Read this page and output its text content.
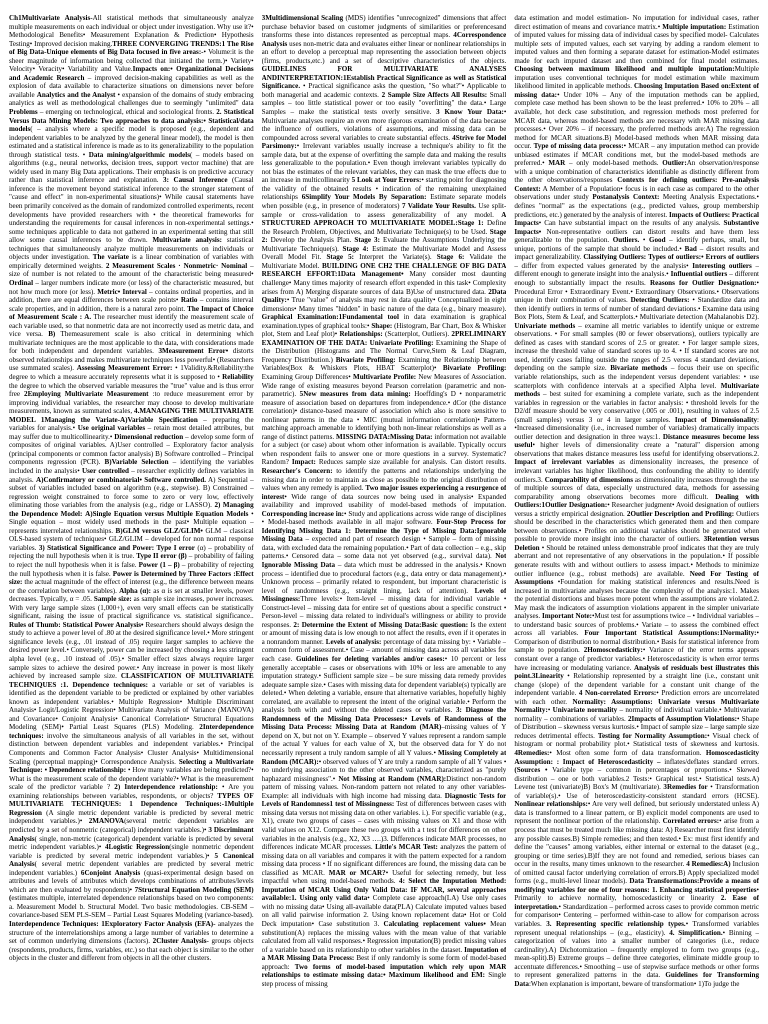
Ch1Multivariate Analysis-All statistical methods that simultaneously analyze multiple measurements on each individual or object under investigation. Why use it?• Methodological Benefits• Measurement Explanation & Prediction• Hypothesis Testing• Improved decision making.

THREE CONVERGING TRENDS:1 The Rise of Big Data-Unique elements of Big Data focused in five areas:-• Volume:it is the sheer magnitude of information being collected that initiated the term.)• Variety• Velocity• Veracity• Variability and Value.

Impacts on:• Organizational Decisions and Academic Research – improved decision-making capabilities as well as the explosion of data available to characterize situations on dimensions never before available

Analytics and the Analyst • expansion of the domains of study embracing analytics as well as methodological challenges due to seemingly "unlimited" data

Problems – emerging on technological, ethical and sociological fronts.

2. Statistical Versus Data Mining Models: Two approaches to data analysis:• Statistical/data models( – analysis where a specific model is proposed (e.g., dependent and independent variables to be analyzed by the general linear model), the model is then estimated and a statistical inference is made as to its generalizability to the population through statistical tests. •

Data mining/algorithmic models( – models based on algorithms (e.g., neural networks, decision trees, support vector machine) that are widely used in many Big Data applications. Their emphasis is on predictive accuracy rather than statistical inference and explanation.

3: Causal Inference (Causal inference is the movement beyond statistical inference to the stronger statement of "cause and effect" in non-experimental situations)• While causal statements have been primarily conceived as the domain of randomized controlled experiments, recent developments have provided researchers with • the theoretical frameworks for understanding the requirements for causal inferences in non-experimental settings.• some techniques applicable to data not gathered in an experimental setting that still allow some causal inferences to be drawn.

Multivariate analysis: statistical techniques that simultaneously analyze multiple measurements on individuals or objects under investigation.

The variate is a linear combination of variables with empirically determined weights.

2 Measurement Scales · Nonmetric· Nominal – size of number is not related to the amount of the characteristic being measured•

Ordinal – larger numbers indicate more (or less) of the characteristic measured, but not how much more (or less).

Metric• Interval – contains ordinal properties, and in addition, there are equal differences between scale points•

Ratio – contains interval scale properties, and in addition, there is a natural zero point.

The Impact of Choice of Measurement Scale : A. The researcher must identify the measurement scale of each variable used, so that nonmetric data are not incorrectly used as metric data, and vice versa.

B) Themeasurement scale is also critical in determining which multivariate techniques are the most applicable to the data, with considerations made for both independent and dependent variables.

3Measurement Error• distorts observed relationships and makes multivariate techniques less powerful• (Researchers use summated scales).

Assessing Measurement Error: • 1Validity.&Reliability:the degree to which a measure accurately represents what it is supposed to •

Reliability the degree to which the observed variable measures the "true" value and is thus error free

2Employing Multivariate Measurement :to reduce measurement error by improving individual variables, the researcher may choose to develop multivariate measurements, known as summated scales,

4.MANAGING THE MULTIVARIATE MODEL 1Managing the Variate-A)Variable Specification – preparing the variables for analysis.•

Use original variables – retain most detailed attributes, but may suffer due to multicollinearity.•

Dimensional reduction – develop some form of composites of original variables. A)User controlled – Exploratory factor analysis (principal components or common factor analysis) B) Software controlled – Principal components regression (PCR).

B)Variable Selection – identifying the variables included in the analysis•

User controlled – researcher explicitly defines variables in analysis.

A)Confirmatory or combinatorial• Software controlled. A) Sequential – subset of variables included based on algorithm (e.g., stepwise). B) Constrained – regression weight constrained to force some to zero or very low, effectively eliminating those variables from the analysis (e.g., ridge or LASSO).

2) Managing the Dependence Model: A)Single Equation versus Multiple Equation Models • Single equation – most widely used methods in the past• Multiple equation – represents interrelated relationships.

B)GLM versus GLZ/GLIM• GLM – classical OLS-based system of techniques• GLZ/GLIM – developed for non normal response variables.

3) Statistical Significance and Power: Type I error (α) – probability of rejecting the null hypothesis when it is true.

Type II error (β) – probability of failing to reject the null hypothesis when it is false.

Power (1 – β) – probability of rejecting the null hypothesis when it is false.

Power is Determined by Three Factors :Effect size: the actual magnitude of the effect of interest (e.g., the difference between means or the correlation between variables).

Alpha (α): as α is set at smaller levels, power decreases. Typically, α = .05.

Sample size: as sample size increases, power increases. With very large sample sizes (1,000+), even very small effects can be statistically significant, raising the issue of practical significance vs. statistical significance..

Rules of Thumb: Statistical Power Analysis• Researchers should always design the study to achieve a power level of .80 at the desired significance level.• More stringent significance levels (e.g., .01 instead of .05) require larger samples to achieve the desired power level.• Conversely, power can be increased by choosing a less stringent alpha level (e.g., .10 instead of .05).• Smaller effect sizes always require larger sample sizes to achieve the desired power.• Any increase in power is most likely achieved by increased sample size.

CLASSIFICATION OF MULTIVARIATE TECHNIQUES :1. Dependence techniques: a variable or set of variables is identified as the dependent variable to be predicted or explained by other variables known as independent variables.• Multiple Regression• Multiple Discriminant Analysis• Logit/Logistic Regression• Multivariate Analysis of Variance (MANOVA) and Covariance• Conjoint Analysis• Canonical Correlation• Structural Equations Modeling (SEM)• Partial Least Squares (PLS) Modeling.

2Interdependence techniques: involve the simultaneous analysis of all variables in the set, without distinction between dependent variables and independent variables.• Principal Components and Common Factor Analysis• Cluster Analysis• Multidimensional Scaling (perceptual mapping)• Correspondence Analysis.

Selecting a Multivariate Technique: • Dependence relationship: • How many variables are being predicted?• What is the measurement scale of the dependent variable?• What is the measurement scale of the predictor variable ?

2) Interdependence relationship: • Are you examining relationships between variables, respondents, or objects?

TYPES OF MULTIVARIATE TECHNIQUES: 1 Dependence Techniques:-1Multiple Regression (A single metric dependent variable is predicted by several metric independent variables.)•

2MANOVA(several metric dependent variables are predicted by a set of nonmetric (categorical) independent variables.)•

3 Discriminant Analysis( single, non-metric (categorical) dependent variable is predicted by several metric independent variables.)•

4Logistic Regression(single nonmetric dependent variable is predicted by several metric independent variables.)•

5 Canonical Analysis( several metric dependent variables are predicted by several metric independent variables.)

6Conjoint Analysis (quasi-experimental design based on attributes and levels of attributes which develops combinations of attributes/levels which are then evaluated by respondents)•

7Structural Equation Modeling (SEM)(estimates multiple, interrelated dependence relationships based on two components: a. Measurement Model b. Structural Model. Two basic methodologies. CB-SEM – covariance-based SEM PLS-SEM – Partial Least Squares Modeling (variance-based).

Interdependence Techniques: 1Exploratory Factor Analysis (EFA)- analyzes the structure of the interrelationships among a large number of variables to determine a set of common underlying dimensions (factors).

2Cluster Analysis- groups objects (respondents, products, firms, variables, etc.) so that each object is similar to the other objects in the cluster and different from objects in all the other clusters.

3Multidimensional Scaling (MDS) identifies "unrecognized" dimensions that affect purchase behavior based on customer judgments of similarities or preferencesand transforms these into distances represented as perceptual maps.

4Correspondence Analysis uses non-metric data and evaluates either linear or nonlinear relationships in an effort to develop a perceptual map representing the association between objects (firms, products,etc.) and a set of descriptive characteristics of the objects.

GUIDELINES FOR MULTIVARIATE ANALYSES ANDINTERPRETATION:1Establish Practical Significance as well as Statistical Significance. • Practical significance asks the question, "So what?"• Applicable to both managerial and academic contexts.

2 Sample Size Affects All Results: Small samples – too little statistical power or too easily "overfitting" the data.• Large Samples – make the statistical tests overly sensitive.

3 Know Your Data:• Multivariate analyses require an even more rigorous examination of the data because the influence of outliers, violations of assumptions, and missing data can be compounded across several variables to create substantial effects.

4Strive for Model Parsimony:• Irrelevant variables usually increase a technique's ability to fit the sample data, but at the expense of overfitting the sample data and making the results less generalizable to the population.• Even though irrelevant variables typically do not bias the estimates of the relevant variables, they can mask the true effects due to an increase in multicollinearity

5 Look at Your Errors:• starting point for diagnosing the validity of the obtained results • indication of the remaining unexplained relationships

6Simplify Your Models By Separation: Estimate separate models when possible (e.g., in presence of moderators)

7 Validate Your Results. Use split-sample or cross-validation to assess generalizability of any model.

A STRUCTURED APPROACH TO MULTIVARIATE MODEL:Stage 1: Define the Research Problem, Objectives, and Multivariate Technique(s) to be Used.

Stage 2: Develop the Analysis Plan.

Stage 3: Evaluate the Assumptions Underlying the Multivariate Technique(s).

Stage 4: Estimate the Multivariate Model and Assess Overall Model Fit.

Stage 5: Interpret the Variate(s).

Stage 6: Validate the Multivariate Model.

BUILDING ONE CH2 THE CHALLENGE OF BIG DATA RESEARCH EFFORT:1Data Management• Many consider most daunting challenge• Many times majority of research effort expended in this task• Complexity arises from A) Merging disparate sources of data B)Use of unstructured data.

2Data Quality:• True "value" of analysis may rest in data quality• Conceptualized in eight dimensions• Many times "hidden" in basic nature of the data (e.g., binary measure).

Graphical Examination:1Fundamental tool in data examination is graphical examination.types of graphical tools:•

Shape: (Histogram, Bar Chart, Box & Whisker plot, Stem and Leaf plot)•

Relationships: (Scatterplot, Outliers).

2PRELIMINARY EXAMINATION OF THE DATA: Univariate Profiling: Examining the Shape of the Distribution (Histograms and The Normal Curve,Stem & Leaf Diagram, Frequency Distribution.)

Bivariate Profiling: Examining the Relationship between Variables(Box & Whiskers Plots, HBAT Scatterplot)•

Bivariate Profiling: Examining Group Differences•

Multivariate Profile: New Measures of Association. Wide range of existing measures beyond Pearson correlation (parametric and non-parametric).

5New measures from data mining: Hoeffding's D • nonparametric measure of association based on departures from independence.• dCor (the distance correlation)• distance-based measure of association which also is more sensitive to nonlinear patterns in the data • MIC (mutual information correlation)• Pattern-matching approach amenable to identifying both non-linear relationships as well as a range of distinct patterns.

MISSING DATA:Missing Data: information not available for a subject (or case) about whom other information is available. Typically occurs when respondent fails to answer one or more questions in a survey. Systematic? Random?

Impact: Reduces sample size available for analysis. Can distort results.

Researcher's Concern: to identify the patterns and relationships underlying the missing data in order to maintain as close as possible to the original distribution of values when any remedy is applied.

Two major issues experiencing a resurgence of interest• Wide range of data sources now being used in analysis• Expanded availability and improved usability of model-based methods of imputation.

Corresponding increase in:• Study and applications across wide range of disciplines • Model-based methods available in all major software.

Four-Step Process for Identifying Missing Data 1: Determine the Type of Missing Data:Ignorable Missing Data – expected and part of research design • Sample – form of missing data, with excluded data the remaining population.• Part of data collection – e.g., skip patterns.• Censored data – some data not yet observed (e.g., survival data).

Not Ignorable Missing Data – data which must be addressed in the analysis.• Known process – identified due to procedural factors (e.g., data entry or data management).• Unknown process – primarily related to respondent, but important characteristic is level of randomness (e.g., straight lining, lack of attention).

Levels of Missingness:Three levels:• Item-level – missing data for individual variable • Construct-level – missing data for entire set of questions about a specific construct • Person-level – missing data related to individual's willingness or ability to provide responses.

2: Determine the Extent of Missing Data:Basic question: Is the extent or amount of missing data is low enough to not affect the results, even if it operates in a nonrandom manner.

Levels of analysis: percentage of data missing by: • Variable – common form of assessment.• Case – amount of missing data across all variables for each case.

Guidelines for deleting variables and/or cases:• 10 percent or less generally acceptable – cases or observations with 10% or less are amenable to any imputation strategy.• Sufficient sample size – be sure missing data remedy provides adequate sample size.• Cases with missing data for dependent variable(s) typically are deleted.• When deleting a variable, ensure that alternative variables, hopefully highly correlated, are available to represent the intent of the original variable.• Perform the analysis both with and without the deleted cases or variables.

3: Diagnose the Randomness of the Missing Data Processes:• Levels of Randomness of the Missing Data Process: Missing Data at Random (MAR)–missing values of Y depend on X, but not on Y. Example – observed Y values represent a random sample of the actual Y values for each value of X, but the observed data for Y do not necessarily represent a truly random sample of all Y values.•

Missing Completely at Random (MCAR):• observed values of Y are truly a random sample of all Y values • no underlying association to the other observed variables, characterized as "purely haphazard missingness".•

Not Missing at Random (NMAR):Distinct non-random pattern of missing values. Non-random pattern not related to any other variables-Example: all individuals with high income had missing data.

Diagnostic Tests for Levels of Randomness1 test of Missingness: Test of differences between cases with missing data versus not missing data on other variables. i.). For specific variable (e.g., X1), create two groups of cases – cases with missing values on X1 and those with valid values on X12. Compare these two groups with a t test for differences on other variables in the analysis (e.g., X2, X3 ….)3. Differences indicate MAR processes, no differences indicate MCAR processes.

Little's MCAR Test: analyzes the pattern of missing data on all variables and compares it with the pattern expected for a random missing data process • If no significant differences are found, the missing data can be classified as MCAR.

MAR or MCAR?• Useful for selecting remedy, but less impactful when using model-based methods.

4: Select the Imputation Method: Imputation of MCAR Using Only Valid Data: IF MCAR, several approaches available:1. Using only valid data• Complete case approach(LA) Use only cases with no missing data• Using all-available data(PLA) Calculate imputed values based on all valid pairwise information 2. Using known replacement data• Hot or Cold Deck imputation• Case substitution 3.

Calculating replacement values• Mean substitution(A) replaces the missing values with the mean value of that variable calculated from all valid responses.• Regression imputation(B) predict missing values of a variable based on its relationship to other variables in the dataset.

Imputation of a MAR Missing Data Process: Best if only randomly is some form of model-based approach:

Two forms of model-based imputation which rely upon MAR relationships to estimate missing data:• Maximum likelihood and EM: Single step process of missing

data estimation and model estimation- No imputation for individual cases, rather direct estimation of means and covariance matrix.•

Multiple imputation: Estimation of imputed values for missing data of individual cases by specified model- Calculates multiple sets of imputed values, each set varying by adding a random element to imputed values and then forming a separate dataset for estimation-Model estimates made for each imputed dataset and then combined for final model estimates.

Choosing between maximum likelihood and multiple imputation:Multiple imputation uses conventional techniques for model estimation while maximum likelihood limited in applicable methods.

Choosing Imputation Based on:Extent of missing data:• Under 10% – Any of the imputation methods can be applied, complete case method has been shown to be the least preferred.• 10% to 20% – all available, hot deck case substitution, and regression methods most preferred for MCAR data, whereas model-based methods are necessary with MAR missing data processes.• Over 20% – if necessary, the preferred methods are:A) The regression method for MCAR situations.B) Model-based methods when MAR missing data occur.

Type of missing data process:• MCAR – any imputation method can provide unbiased estimates if MCAR conditions met, but the model-based methods are preferred.•

MAR – only model-based methods.

Outlier:An observation/response with a unique combination of characteristics identifiable as distinctly different from the other observations/responses

Contexts for defining outliers: Pre-analysis Context: A Member of a Population• focus is in each case as compared to the other observations under study

Postanalysis Context: Meeting Analysis Expectations.• defines "normal" as the expectations (e.g., predicted values, group membership predictions, etc.) generated by the analysis of interest.

Impacts of Outliers: Practical Impacts• Can have substantial impact on the results of any analysis.

Substantive Impacts• Non-representative outliers can distort results and have them less generalizable to the population.

Outliers. •

Good – identify perhaps, small, but unique, portions of the sample that should be included.•

Bad – distort results and impact generalizability.

Classifying Outliers: Types of outliers:• Errors of outliers – differ from expected values generated by the analysis•

Interesting outliers – different enough to generate insight into the analysis.•

Influential outliers – different enough to substantially impact the results.

Reasons for Outlier Designation:• Procedural Error • Extraordinary Event.• Extraordinary Observations.• Observations unique in their combination of values.

Detecting Outliers: • Standardize data and then identify outliers in terms of number of standard deviations.• Examine data using Box Plots, Stem & Leaf, and Scatterplots.• Multivariate detection (Mahalanobis D2).

Univariate methods – examine all metric variables to identify unique or extreme observations. • For small samples (80 or fewer observations), outliers typically are defined as cases with standard scores of 2.5 or greater. • For larger sample sizes, increase the threshold value of standard scores up to 4. • If standard scores are not used, identify cases falling outside the ranges of 2.5 versus 4 standard deviations, depending on the sample size.

Bivariate methods – focus their use on specific variable relationships, such as the independent versus dependent variables: • use scatterplots with confidence intervals at a specified Alpha level.

Multivariate methods – best suited for examining a complete variate, such as the independent variables in regression or the variables in factor analysis: • threshold levels for the D2/df measure should be very conservative (.005 or .001), resulting in values of 2.5 (small samples) versus 3 or 4 in larger samples.

Impact of Dimensionality: •Increased dimensionality (i.e., increased number of variables) dramatically impacts outlier detection and designation in three ways:1.

Distance measures become less useful• higher levels of dimensionality create a "natural" dispersion among observations that makes distance measures less useful for identifying observations.2.

Impact of irrelevant variables as dimensionality increases, the presence of irrelevant variables has higher likelihood, thus confounding the ability to identify outliers.3.

Comparability of dimensions as dimensionality increases through the use of multiple sources of data, especially unstructured data, methods for assessing comparability among observations becomes more difficult.

Dealing with Outliers:1Outlier Designation:• Researcher judgment• Avoid designation of outliers versus a strictly empirical designation.

2Outlier Description and Profiling: Outliers should be described in the characteristics which generated them and then compare between observations.• Profiles on additional variables should be generated when possible to provide more insight into the character of outliers.

3Retention versus Deletion • Should be retained unless demonstrable proof indicates that they are truly aberrant and not representative of any observations in the population.• If possible generate results with and without outliers to assess impact.• Methods to minimize outlier influence (e.g., robust methods) are available.

Need For Testing of Assumptions •Foundation for making statistical inferences and results.Need is increased in multivariate analyses because the complexity of the analysis:1. Makes the potential distortions and biases more potent when the assumptions are violated.2. May mask the indicators of assumption violations apparent in the simpler univariate analyses.

Important Note:•Must test for assumptions twice – • Individual variables – to understand basic sources of problems.• Variate – to assess the combined effect across all variables.

Four Important Statistical Assumptions:1Normality:• Comparison of distribution to normal distribution.• Basis for statistical inference from sample to population.

2Homoscedasticity:• Variance of the error terms appears constant over a range of predictor variables.• Heteroscedasticity is when error terms have increasing or modulating variance.

Analysis of residuals best illustrates this point.3Linearity • Relationship represented by a straight line (i.e., constant unit change (slope) of the dependent variable for a constant unit change of the independent variable.

4 Non-correlated Errors:• Prediction errors are uncorrelated with each other.

Normality: Assumptions: Univariate versus Multivariate Normality:•

Univariate normality – normality of individual variable.• Multivariate normality – combinations of variables.

2Impacts of Assumption Violations:• Shape of Distribution – skewness versus kurtosis.• Impact of sample size – large sample size reduces detrimental effects.

Testing for Normality Assumption:• Visual check of histogram or normal probability plot.• Statistical tests of skewness and kurtosis.

4Remedies:• Most often some form of data transformation.

Homoscedasticity Assumption: : Impact of Heteroscedasticity – inflates/deflates standard errors.

(Sources • Variable type – common in percentages or proportions.• Skewed distribution – one or both variables.2 Tests:• Graphical test.• Statistical tests.A) Levene test (univariate)B) Box's M (multivariate).

3Remedies for • Transformation of variable(s).• Use of heteroscedasticity-consistent standard errors (HCSE).

Nonlinear relationships:• Are very well defined, but seriously understated unless A) data is transformed to a linear pattern, or B) explicit model components are used to represent the nonlinear portion of the relationship.

Correlated errors:• arise from a process that must be treated much like missing data: A) Researcher must first identify any possible causes.B) Simple remedies; and then tested.• Ex: must first identify and define the "causes" among variables, either internal or external to the dataset (e.g., grouping or time series).B)If they are not found and remedied, serious biases can occur in the results, many times unknown to the researcher.

4 Remedies:A) Inclusion of omitted causal factor underlying correlation of errors.B) Apply specialized model forms (e.g., multi-level linear models).

Data Transformations:Provide a means of modifying variables for one of four reasons: 1. Enhancing statistical properties• Primarily to achieve normality, homoscedasticity or linearity

2. Ease of interpretation.• Standardization – performed across cases to provide common metric for comparison• Centering – performed within-case to allow for comparison across variables.

3. Representing specific relationship types.• Transformed variables represent unequal relationships – (e.g., elasticity).

4. Simplification.• Binning – categorization of values into a smaller number of categories (i.e., reduce cardinality).A) Dichotomization – frequently employed to form two groups (e.g., mean-split).B) Extreme groups – define three categories, eliminate middle group to accentuate differences.• Smoothing – use of stepwise surface methods or other forms to represent generalized patterns in the data.

Guidelines for Transforming Data:When explanation is important, beware of transformation• 1)To judge the
